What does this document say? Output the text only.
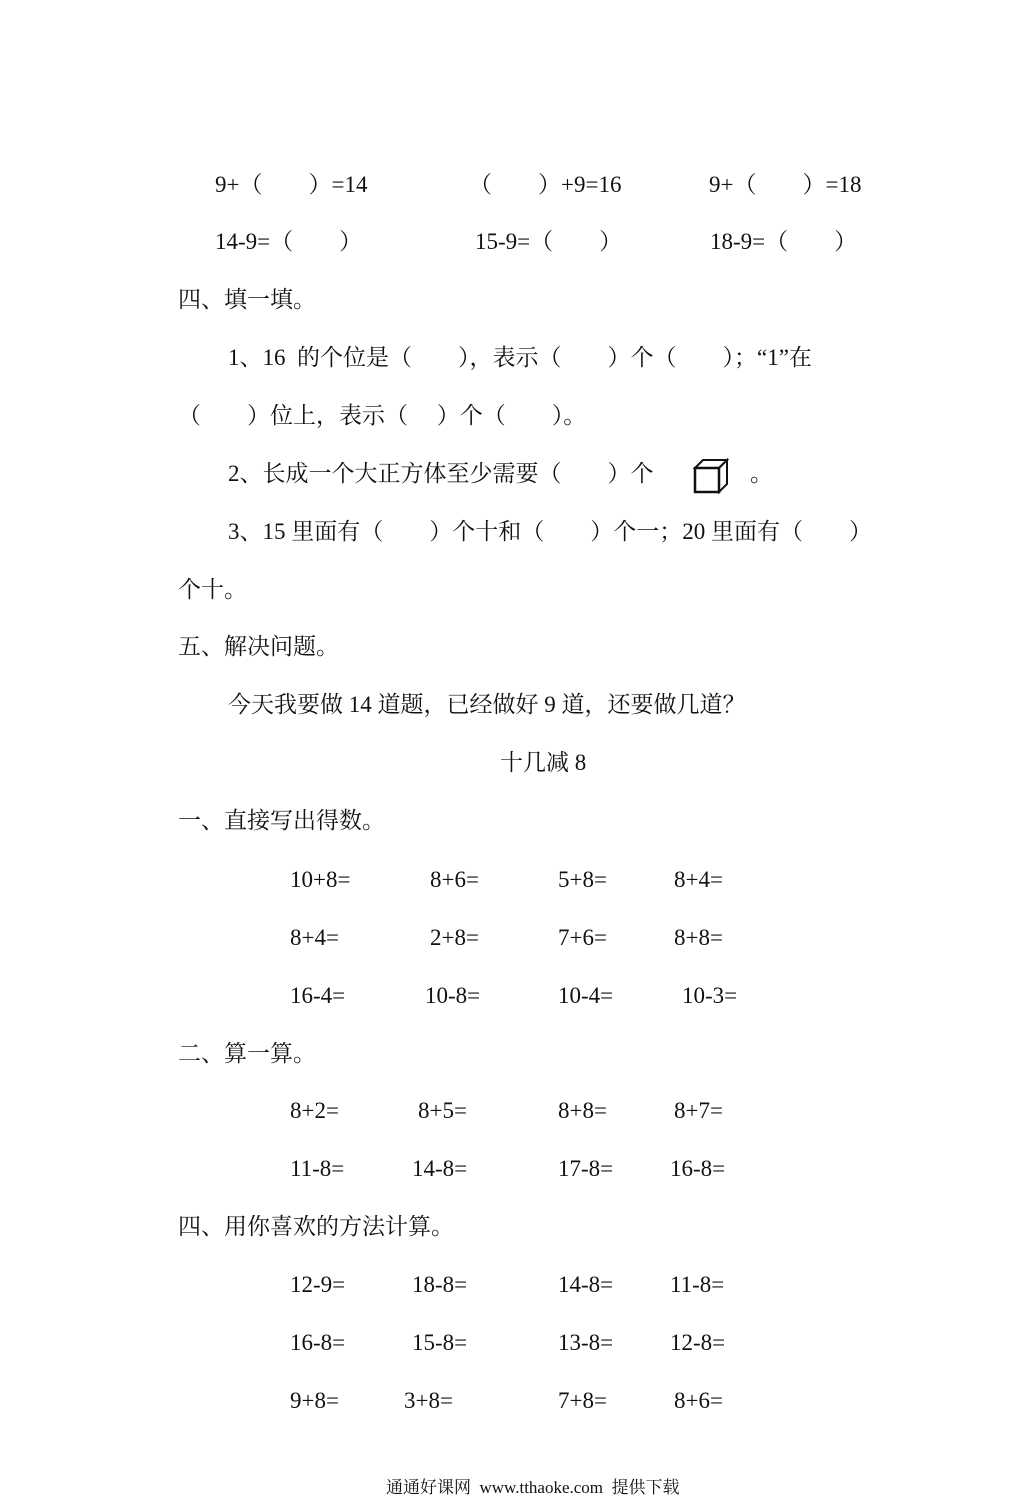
9+（　　）=14	（　　）+9=16	9+（　　）=18
14-9=（　　）	15-9=（　　）	18-9=（　　）
四、填一填。
1、16  的个位是（　　），表示（　　）个（　　）；“1”在
（　　）位上，表示（　 ）个（　　）。
2、长成一个大正方体至少需要（　　）个	。
3、15 里面有（　　）个十和（　　）个一；20 里面有（　　）
个十。
五、解决问题。
今天我要做 14 道题，已经做好 9 道，还要做几道？
十几减 8
一、直接写出得数。
10+8=	8+6=	5+8=	8+4=
8+4=	2+8=	7+6=	8+8=
16-4=	10-8=	10-4=	10-3=
二、算一算。
8+2=	8+5=	8+8=	8+7=
11-8=	14-8=	17-8= 16-8=
四、用你喜欢的方法计算。
12-9=	18-8=	14-8= 11-8=
16-8=	15-8=	13-8= 12-8=
9+8=	3+8=	7+8=	8+6=
通通好课网  www.tthaoke.com  提供下载
